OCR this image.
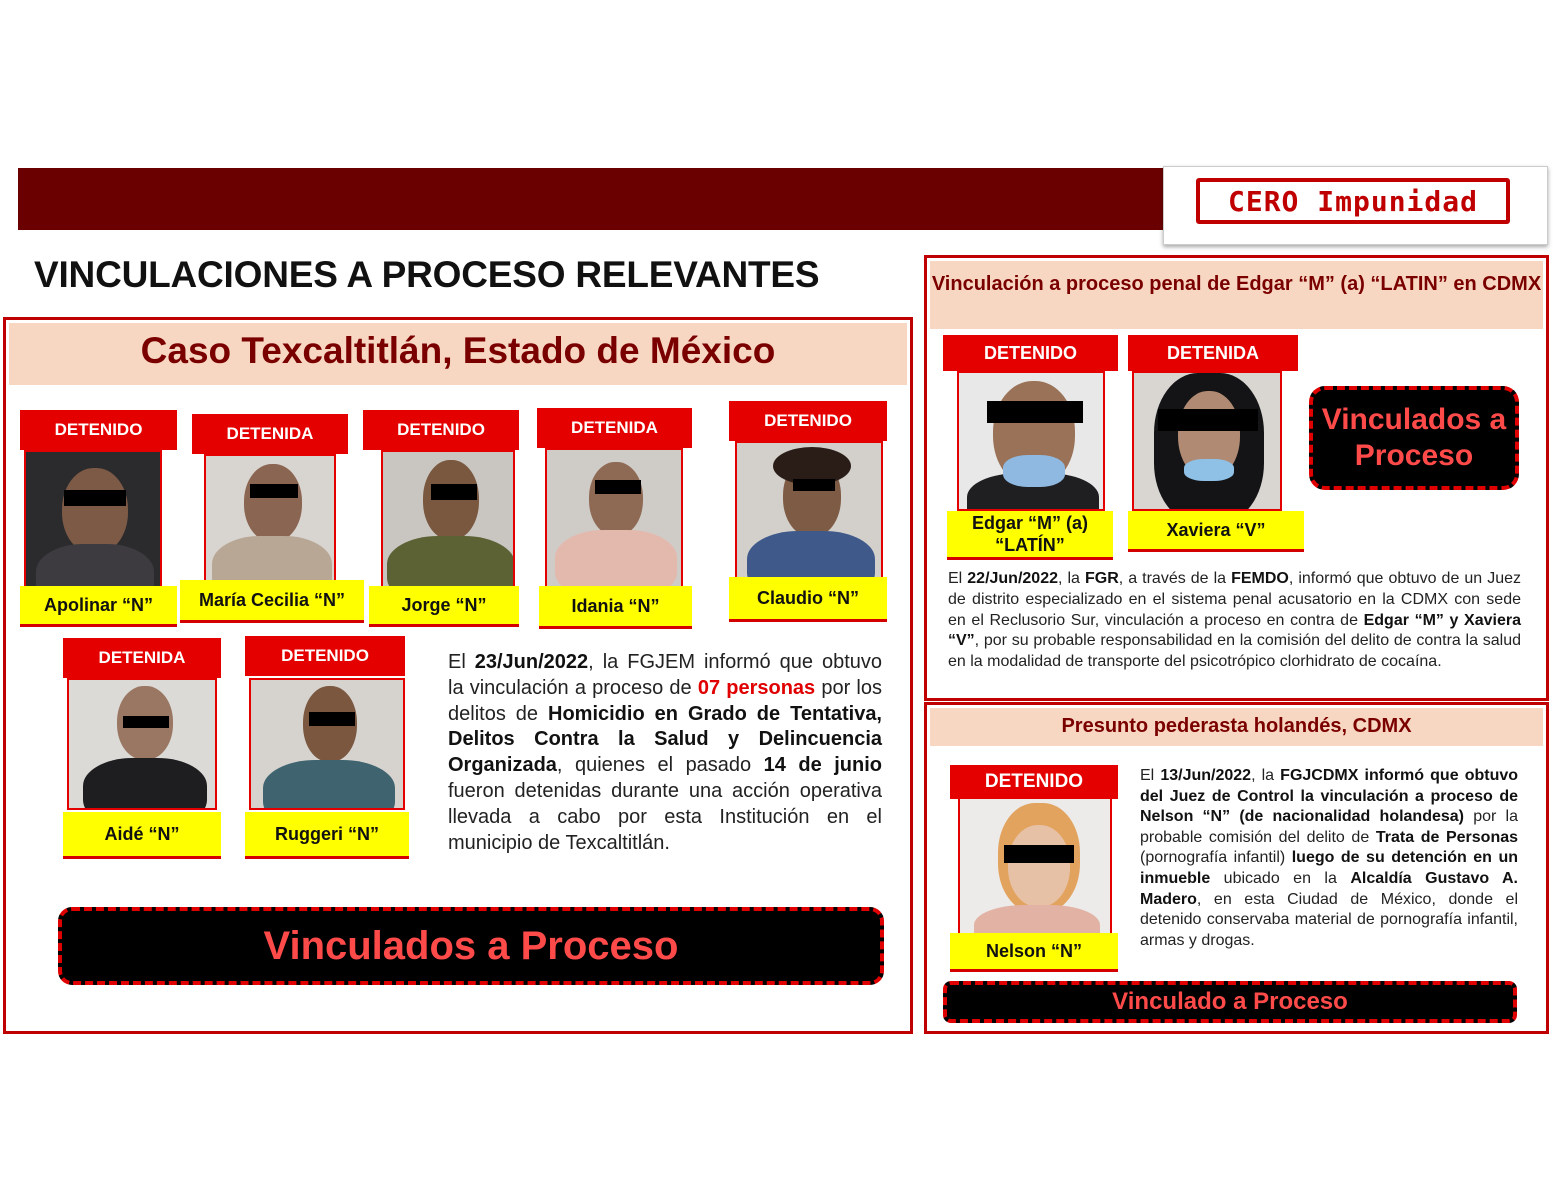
CERO Impunidad
VINCULACIONES A PROCESO RELEVANTES
Caso Texcaltitlán, Estado de México
DETENIDO
Apolinar “N”
DETENIDA
María Cecilia “N”
DETENIDO
Jorge “N”
DETENIDA
Idania “N”
DETENIDO
Claudio “N”
DETENIDA
Aidé “N”
DETENIDO
Ruggeri “N”
El 23/Jun/2022, la FGJEM informó que obtuvo la vinculación a proceso de 07 personas por los delitos de Homicidio en Grado de Tentativa, Delitos Contra la Salud y Delincuencia Organizada, quienes el pasado 14 de junio fueron detenidas durante una acción operativa llevada a cabo por esta Institución en el municipio de Texcaltitlán.
Vinculados a Proceso
Vinculación a proceso penal de Edgar “M” (a) “LATIN” en CDMX
DETENIDO
Edgar “M” (a)
“LATÍN”
DETENIDA
Xaviera “V”
Vinculados a
Proceso
El 22/Jun/2022, la FGR, a través de la FEMDO, informó que obtuvo de un Juez de distrito especializado en el sistema penal acusatorio en la CDMX con sede en el Reclusorio Sur, vinculación a proceso en contra de Edgar “M” y Xaviera “V”, por su probable responsabilidad en la comisión del delito de contra la salud en la modalidad de transporte del psicotrópico clorhidrato de cocaína.
Presunto pederasta holandés, CDMX
DETENIDO
Nelson “N”
El 13/Jun/2022, la FGJCDMX informó que obtuvo del Juez de Control la vinculación a proceso de Nelson “N” (de nacionalidad holandesa) por la probable comisión del delito de Trata de Personas (pornografía infantil) luego de su detención en un inmueble ubicado en la Alcaldía Gustavo A. Madero, en esta Ciudad de México, donde el detenido conservaba material de pornografía infantil, armas y drogas.
Vinculado a Proceso
